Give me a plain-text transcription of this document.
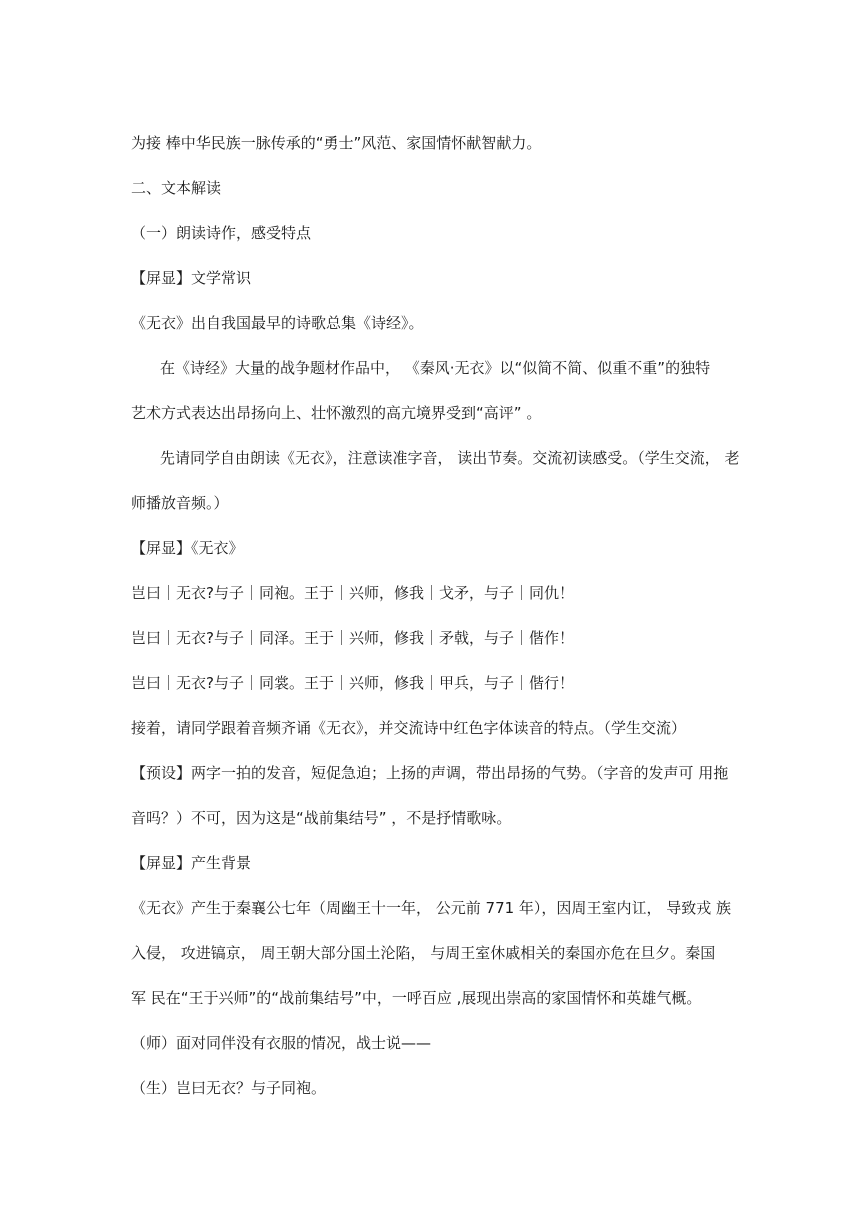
为接 棒中华民族一脉传承的“勇士”风范、家国情怀献智献力。

二、文本解读

（一）朗读诗作，感受特点

【屏显】文学常识

《无衣》出自我国最早的诗歌总集《诗经》。

在《诗经》大量的战争题材作品中， 《秦风·无衣》以“似简不简、似重不重”的独特

艺术方式表达出昂扬向上、壮怀激烈的高亢境界受到“高评” 。

先请同学自由朗读《无衣》，注意读准字音， 读出节奏。交流初读感受。（学生交流， 老

师播放音频。）

【屏显】《无衣》

岂曰｜无衣?与子｜同袍。王于｜兴师，修我｜戈矛，与子｜同仇！

岂曰｜无衣?与子｜同泽。王于｜兴师，修我｜矛戟，与子｜偕作！

岂曰｜无衣?与子｜同裳。王于｜兴师，修我｜甲兵，与子｜偕行！

接着，请同学跟着音频齐诵《无衣》，并交流诗中红色字体读音的特点。（学生交流）

【预设】两字一拍的发音，短促急迫；上扬的声调，带出昂扬的气势。（字音的发声可 用拖

音吗？）不可，因为这是“战前集结号” ，不是抒情歌咏。

【屏显】产生背景

《无衣》产生于秦襄公七年（周幽王十一年， 公元前 771 年），因周王室内讧， 导致戎 族

入侵， 攻进镐京， 周王朝大部分国土沦陷， 与周王室休戚相关的秦国亦危在旦夕。秦国

军 民在“王于兴师”的“战前集结号”中，一呼百应 ,展现出崇高的家国情怀和英雄气概。

（师）面对同伴没有衣服的情况，战士说——

（生）岂曰无衣？与子同袍。
